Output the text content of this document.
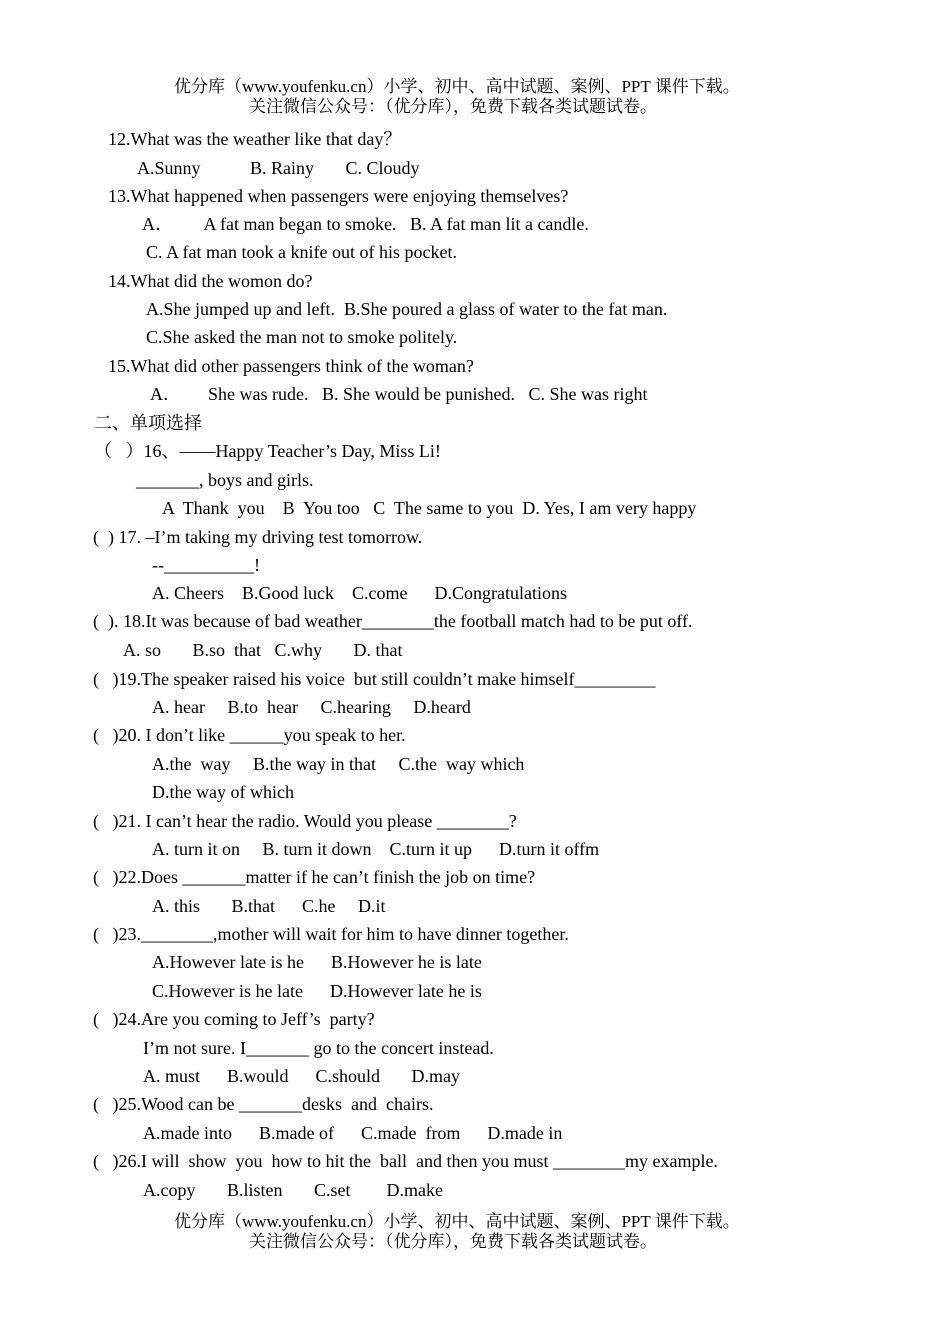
优分库（www.youfenku.cn）小学、初中、高中试题、案例、PPT 课件下载。
关注微信公众号：（优分库），免费下载各类试题试卷。
12.What was the weather like that day？
A.Sunny           B. Rainy       C. Cloudy
13.What happened when passengers were enjoying themselves?
A．       A fat man began to smoke.   B. A fat man lit a candle.
C. A fat man took a knife out of his pocket.
14.What did the womon do?
A.She jumped up and left.  B.She poured a glass of water to the fat man.
C.She asked the man not to smoke politely.
15.What did other passengers think of the woman?
A．      She was rude.   B. She would be punished.   C. She was right
二、单项选择
（   ）16、——Happy Teacher’s Day, Miss Li!
_______, boys and girls.
A  Thank  you    B  You too   C  The same to you  D. Yes, I am very happy
(  ) 17. –I’m taking my driving test tomorrow.
--__________!
A. Cheers    B.Good luck    C.come      D.Congratulations
(  ). 18.It was because of bad weather________the football match had to be put off.
A. so       B.so  that   C.why       D. that
(   )19.The speaker raised his voice  but still couldn’t make himself_________
A. hear     B.to  hear     C.hearing     D.heard
(   )20. I don’t like ______you speak to her.
A.the  way     B.the way in that     C.the  way which
D.the way of which
(   )21. I can’t hear the radio. Would you please ________?
A. turn it on     B. turn it down    C.turn it up      D.turn it offm
(   )22.Does _______matter if he can’t finish the job on time?
A. this       B.that      C.he     D.it
(   )23.________,mother will wait for him to have dinner together.
A.However late is he      B.However he is late
C.However is he late      D.However late he is
(   )24.Are you coming to Jeff’s  party?
I’m not sure. I_______ go to the concert instead.
A. must      B.would      C.should       D.may
(   )25.Wood can be _______desks  and  chairs.
A.made into      B.made of      C.made  from      D.made in
(   )26.I will  show  you  how to hit the  ball  and then you must ________my example.
A.copy       B.listen       C.set        D.make
优分库（www.youfenku.cn）小学、初中、高中试题、案例、PPT 课件下载。
关注微信公众号：（优分库），免费下载各类试题试卷。
